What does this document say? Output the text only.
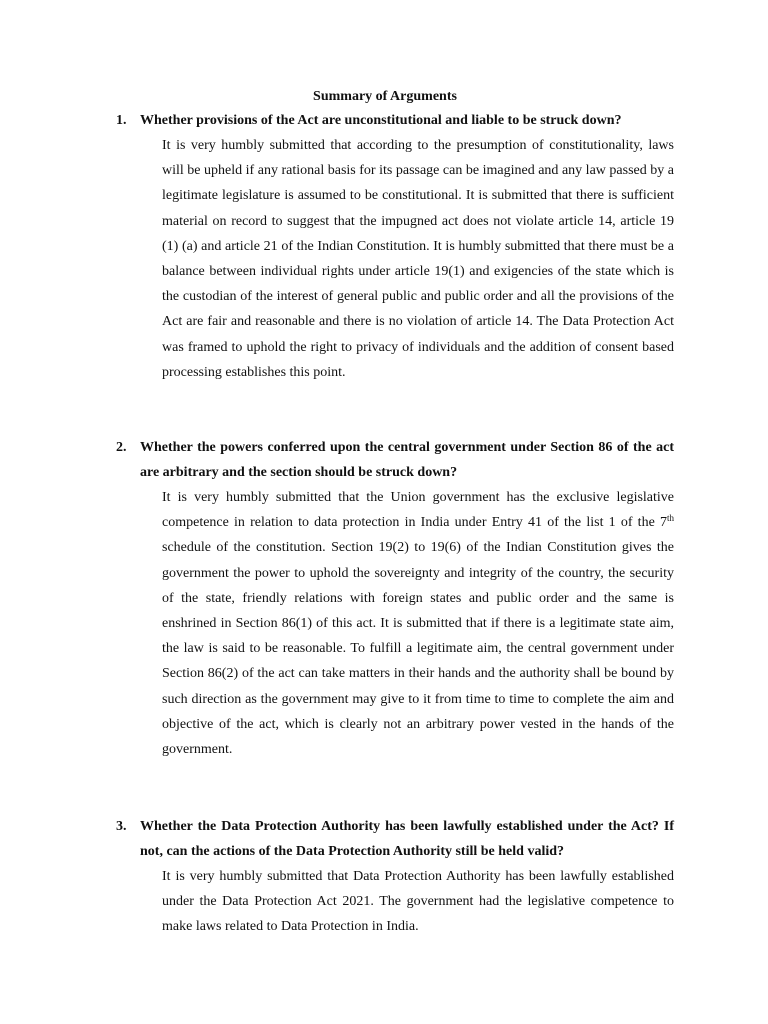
Summary of Arguments
1. Whether provisions of the Act are unconstitutional and liable to be struck down?

It is very humbly submitted that according to the presumption of constitutionality, laws will be upheld if any rational basis for its passage can be imagined and any law passed by a legitimate legislature is assumed to be constitutional. It is submitted that there is sufficient material on record to suggest that the impugned act does not violate article 14, article 19 (1) (a) and article 21 of the Indian Constitution. It is humbly submitted that there must be a balance between individual rights under article 19(1) and exigencies of the state which is the custodian of the interest of general public and public order and all the provisions of the Act are fair and reasonable and there is no violation of article 14. The Data Protection Act was framed to uphold the right to privacy of individuals and the addition of consent based processing establishes this point.

2. Whether the powers conferred upon the central government under Section 86 of the act are arbitrary and the section should be struck down?

It is very humbly submitted that the Union government has the exclusive legislative competence in relation to data protection in India under Entry 41 of the list 1 of the 7th schedule of the constitution. Section 19(2) to 19(6) of the Indian Constitution gives the government the power to uphold the sovereignty and integrity of the country, the security of the state, friendly relations with foreign states and public order and the same is enshrined in Section 86(1) of this act. It is submitted that if there is a legitimate state aim, the law is said to be reasonable. To fulfill a legitimate aim, the central government under Section 86(2) of the act can take matters in their hands and the authority shall be bound by such direction as the government may give to it from time to time to complete the aim and objective of the act, which is clearly not an arbitrary power vested in the hands of the government.

3. Whether the Data Protection Authority has been lawfully established under the Act? If not, can the actions of the Data Protection Authority still be held valid?

It is very humbly submitted that Data Protection Authority has been lawfully established under the Data Protection Act 2021. The government had the legislative competence to make laws related to Data Protection in India.
